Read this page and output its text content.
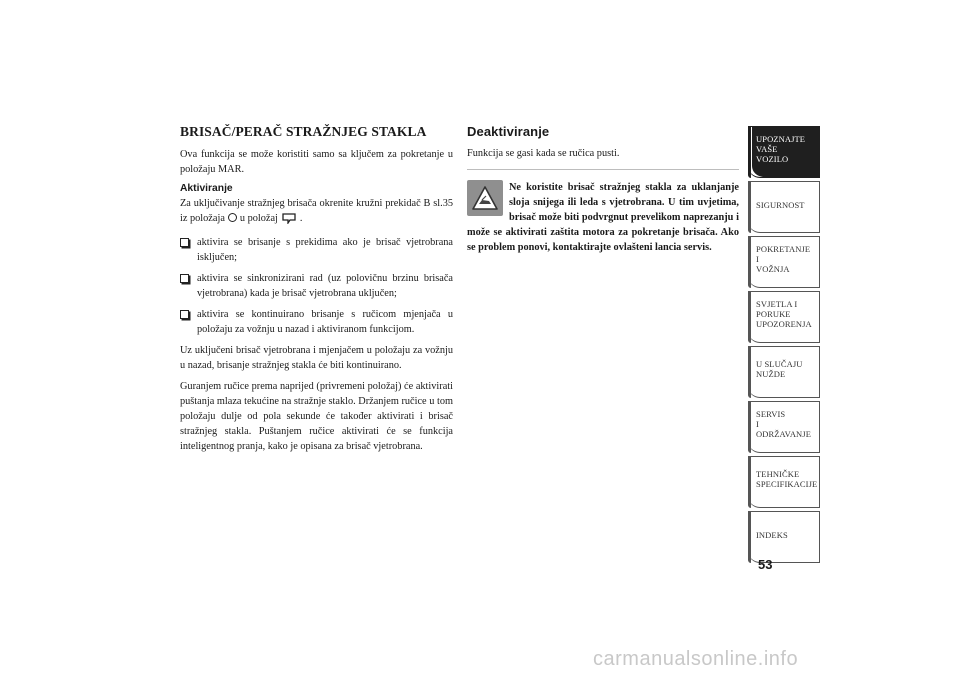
BRISAČ/PERAČ STRAŽNJEG STAKLA

Ova funkcija se može koristiti samo sa ključem za pokretanje u položaju MAR.

Aktiviranje

Za uključivanje stražnjeg brisača okrenite kružni prekidač B sl.35 iz položaja u položaj .

aktivira se brisanje s prekidima ako je brisač vjetrobrana isključen;
aktivira se sinkronizirani rad (uz polovičnu brzinu brisača vjetrobrana) kada je brisač vjetrobrana uključen;
aktivira se kontinuirano brisanje s ručicom mjenjača u položaju za vožnju u nazad i aktiviranom funkcijom.

Uz uključeni brisač vjetrobrana i mjenjačem u položaju za vožnju u nazad, brisanje stražnjeg stakla će biti kontinuirano.

Guranjem ručice prema naprijed (privremeni položaj) će aktivirati puštanja mlaza tekućine na stražnje staklo. Držanjem ručice u tom položaju dulje od pola sekunde će također aktivirati i brisač stražnjeg stakla. Puštanjem ručice aktivirati će se funkcija inteligentnog pranja, kako je opisana za brisač vjetrobrana.

Deaktiviranje

Funkcija se gasi kada se ručica pusti.

Ne koristite brisač stražnjeg stakla za uklanjanje sloja snijega ili leda s vjetrobrana. U tim uvjetima, brisač može biti podvrgnut prevelikom naprezanju i može se aktivirati zaštita motora za pokretanje brisača. Ako se problem ponovi, kontaktirajte ovlašteni lancia servis.
UPOZNAJTE
VAŠE
VOZILO
SIGURNOST
POKRETANJE
I
VOŽNJA
SVJETLA I
PORUKE
UPOZORENJA
U SLUČAJU
NUŽDE
SERVIS
I
ODRŽAVANJE
TEHNIČKE
SPECIFIKACIJE
INDEKS
53
carmanualsonline.info
